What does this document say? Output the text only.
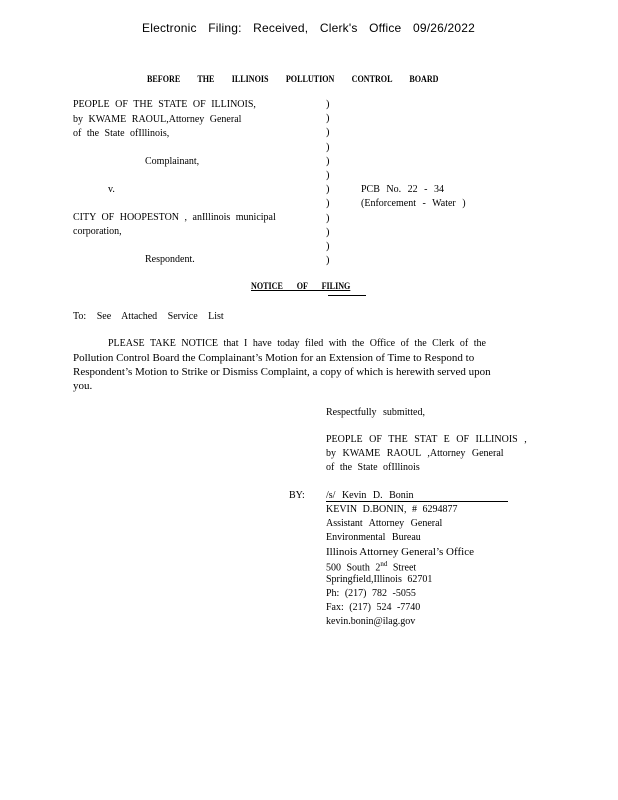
Electronic Filing: Received, Clerk's Office 09/26/2022
BEFORE THE ILLINOIS POLLUTION CONTROL BOARD
PEOPLE OF THE STATE OF ILLINOIS,
by KWAME RAOUL,Attorney General
of the State ofIllinois,
Complainant,
v.
CITY OF HOOPESTON , anIllinois municipal
corporation,
Respondent.
)
)
)
)
)
)
)
)
)
)
)
)
PCB No. 22 - 34
(Enforcement - Water )
NOTICE OF FILING
To: See Attached Service List
PLEASE TAKE NOTICE that I have today filed with the Office of the Clerk of the
Pollution Control Board the Complainant’s Motion for an Extension of Time to Respond to
Respondent’s Motion to Strike or Dismiss Complaint, a copy of which is herewith served upon
you.
Respectfully submitted,
PEOPLE OF THE STAT E OF ILLINOIS ,
by KWAME RAOUL ,Attorney General
of the State ofIllinois
BY: /s/ Kevin D. Bonin
KEVIN D.BONIN, # 6294877
Assistant Attorney General
Environmental Bureau
Illinois Attorney General’s Office
500 South 2nd Street
Springfield,Illinois 62701
Ph: (217) 782 -5055
Fax: (217) 524 -7740
kevin.bonin@ilag.gov
